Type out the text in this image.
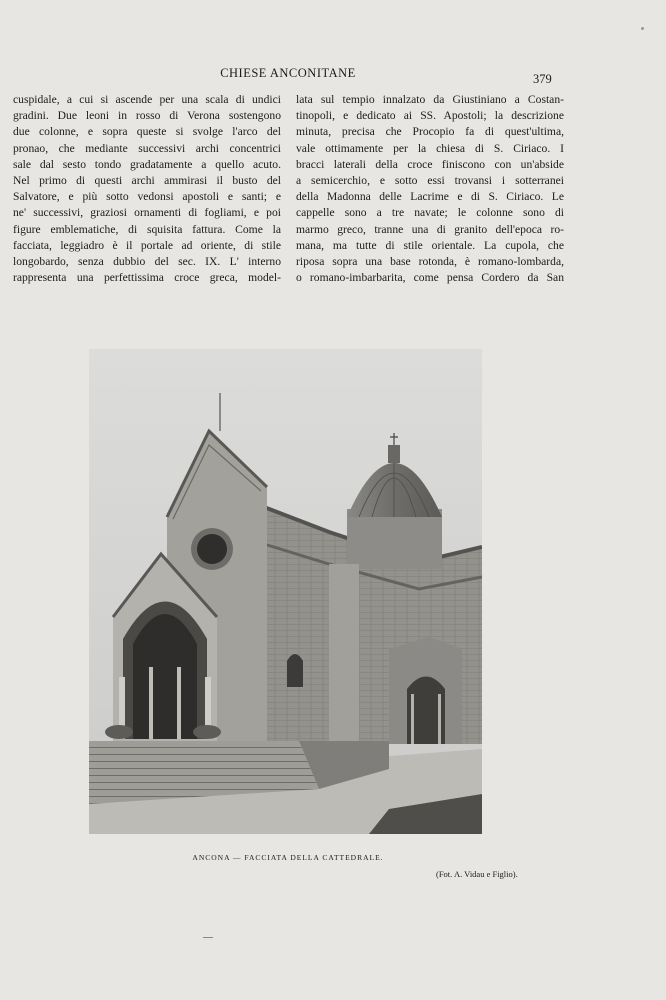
CHIESE ANCONITANE	379
cuspidale, a cui si ascende per una scala di undici
gradini. Due leoni in rosso di Verona sostengono
due colonne, e sopra queste si svolge l'arco del
pronao, che mediante successivi archi concentrici
sale dal sesto tondo gradatamente a quello acuto.
Nel primo di questi archi ammirasi il busto del
Salvatore, e più sotto vedonsi apostoli e santi; e
ne' successivi, graziosi ornamenti di fogliami, e poi
figure emblematiche, di squisita fattura. Come la
facciata, leggiadro è il portale ad oriente, di stile
longobardo, senza dubbio del sec. IX. L' interno
rappresenta una perfettissima croce greca, model-
lata sul tempio innalzato da Giustiniano a Costan-
tinopoli, e dedicato ai SS. Apostoli; la descrizione
minuta, precisa che Procopio fa di quest'ultima,
vale ottimamente per la chiesa di S. Ciriaco. I
bracci laterali della croce finiscono con un'abside
a semicerchio, e sotto essi trovansi i sotterranei
della Madonna delle Lacrime e di S. Ciriaco. Le
cappelle sono a tre navate; le colonne sono di
marmo greco, tranne una di granito dell'epoca ro-
mana, ma tutte di stile orientale. La cupola, che
riposa sopra una base rotonda, è romano-lombarda,
o romano-imbarbarita, come pensa Cordero da San
ANCONA — FACCIATA DELLA CATTEDRALE.
(Fot. A. Vidau e Figlio).
